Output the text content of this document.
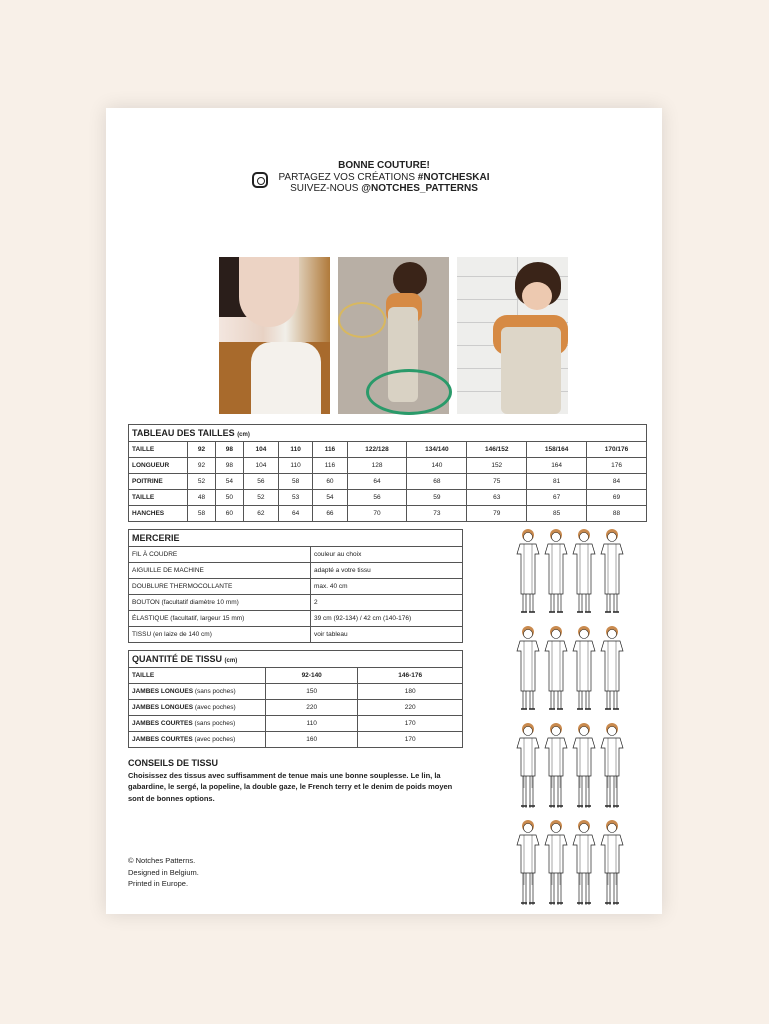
BONNE COUTURE!
PARTAGEZ VOS CRÉATIONS #NOTCHESKAI
SUIVEZ-NOUS @NOTCHES_PATTERNS
TABLEAU DES TAILLES (cm)										
TAILLE	92	98	104	110	116	122/128	134/140	146/152	158/164	170/176
LONGUEUR	92	98	104	110	116	128	140	152	164	176
POITRINE	52	54	56	58	60	64	68	75	81	84
TAILLE	48	50	52	53	54	56	59	63	67	69
HANCHES	58	60	62	64	66	70	73	79	85	88
MERCERIE	
FIL À COUDRE	couleur au choix
AIGUILLE DE MACHINE	adapté a votre tissu
DOUBLURE THERMOCOLLANTE	max. 40 cm
BOUTON (facultatif diamètre 10 mm)	2
ÉLASTIQUE (facultatif, largeur 15 mm)	39 cm (92-134) / 42 cm (140-176)
TISSU (en laize de 140 cm)	voir tableau
QUANTITÉ DE TISSU (cm)		
TAILLE	92-140	146-176
JAMBES LONGUES (sans poches)	150	180
JAMBES LONGUES (avec poches)	220	220
JAMBES COURTES (sans poches)	110	170
JAMBES COURTES (avec poches)	160	170
CONSEILS DE TISSU
Choisissez des tissus avec suffisamment de tenue mais une bonne souplesse. Le lin, la gabardine, le sergé, la popeline, la double gaze, le French terry et le denim de poids moyen sont de bonnes options.
© Notches Patterns.
Designed in Belgium.
Printed in Europe.
